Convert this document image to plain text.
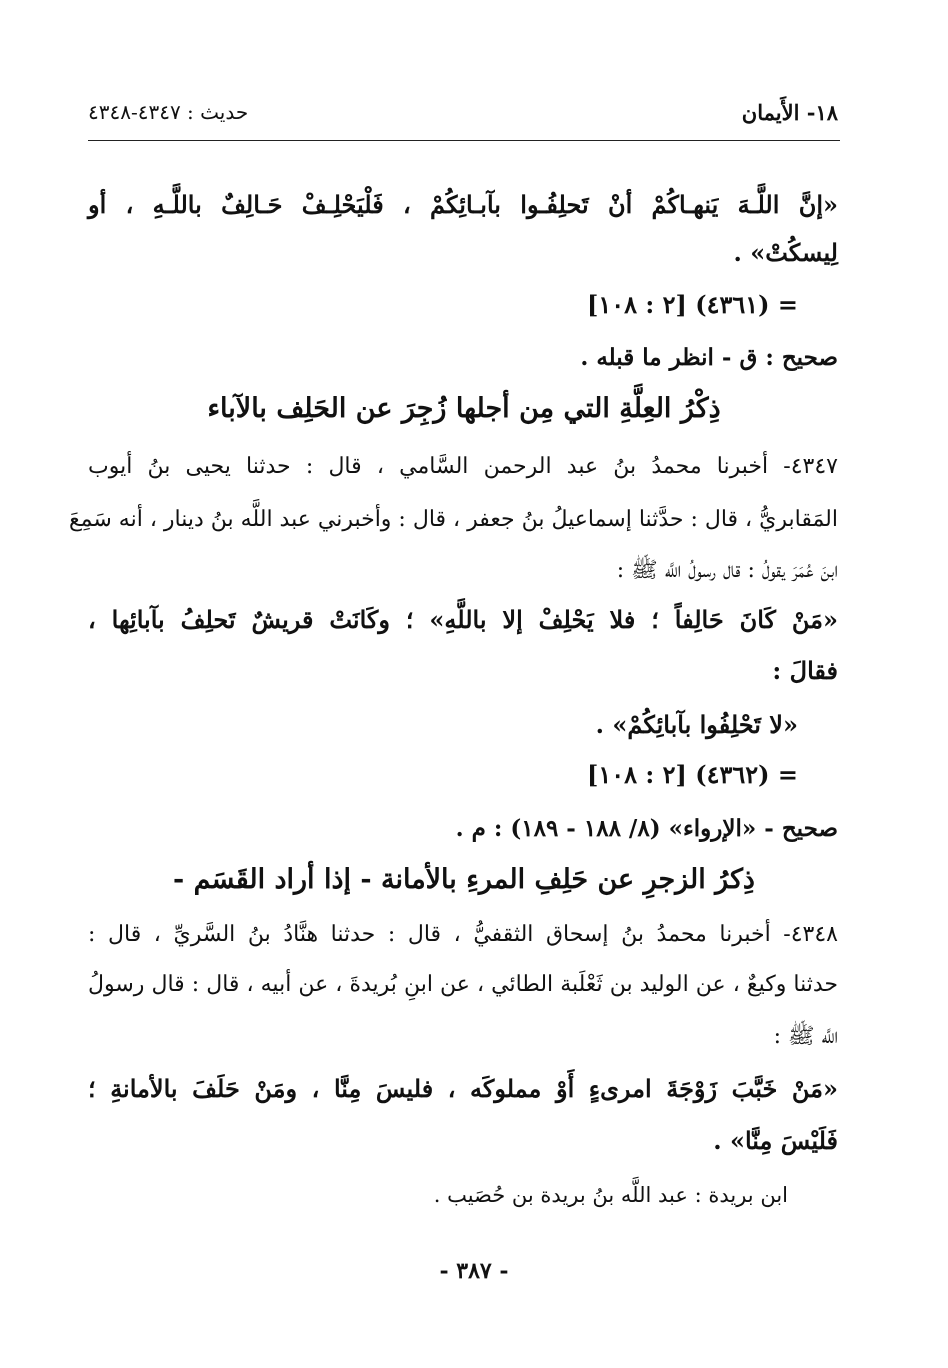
١٨- الأَيمان
حديث : ٤٣٤٧-٤٣٤٨
«إنَّ اللَّـهَ يَنهـاكُمْ أنْ تَحلِفُـوا بآبـائِكُمْ ، فَلْيَحْلِـفْ حَـالِفٌ باللَّـهِ ، أو
لِيسكُتْ» .
= (٤٣٦١) [٢ : ١٠٨]
صحيح : ق - انظر ما قبله .
ذِكْرُ العِلَّةِ التي مِن أجلها زُجِرَ عن الحَلِف بالآباء
٤٣٤٧- أخبرنا محمدُ بنُ عبد الرحمن السَّامي ، قال : حدثنا يحيى بنُ أيوب
المَقابريُّ ، قال : حدَّثنا إسماعيلُ بنُ جعفر ، قال : وأخبرني عبد اللَّه بنُ دينار ، أنه سَمِعَ
ابنَ عُمَرَ يقولُ : قال رسولُ اللَّه ﷺ :
«مَنْ كَانَ حَالِفاً ؛ فلا يَحْلِفْ إلا باللَّهِ» ؛ وكَانَتْ قريشٌ تَحلِفُ بآبائِها ،
فقالَ :
«لا تَحْلِفُوا بآبائِكُمْ» .
= (٤٣٦٢) [٢ : ١٠٨]
صحيح - «الإرواء» (٨/ ١٨٨ - ١٨٩) : م .
ذِكرُ الزجرِ عن حَلِفِ المرءِ بالأمانة - إذا أراد القَسَم -
٤٣٤٨- أخبرنا محمدُ بنُ إسحاق الثقفيُّ ، قال : حدثنا هنَّادُ بنُ السَّريِّ ، قال :
حدثنا وكيعٌ ، عن الوليد بن ثَعْلَبة الطائي ، عن ابنِ بُريدةَ ، عن أبيه ، قال : قال رسولُ
اللَّه ﷺ :
«مَنْ خَبَّبَ زَوْجَةَ امرىءٍ أَوْ مملوكَه ، فليسَ مِنَّا ، ومَنْ حَلَفَ بالأمانةِ ؛
فَلَيْسَ مِنَّا» .
ابن بريدة : عبد اللَّه بنُ بريدة بن حُصَيب .
- ٣٨٧ -
